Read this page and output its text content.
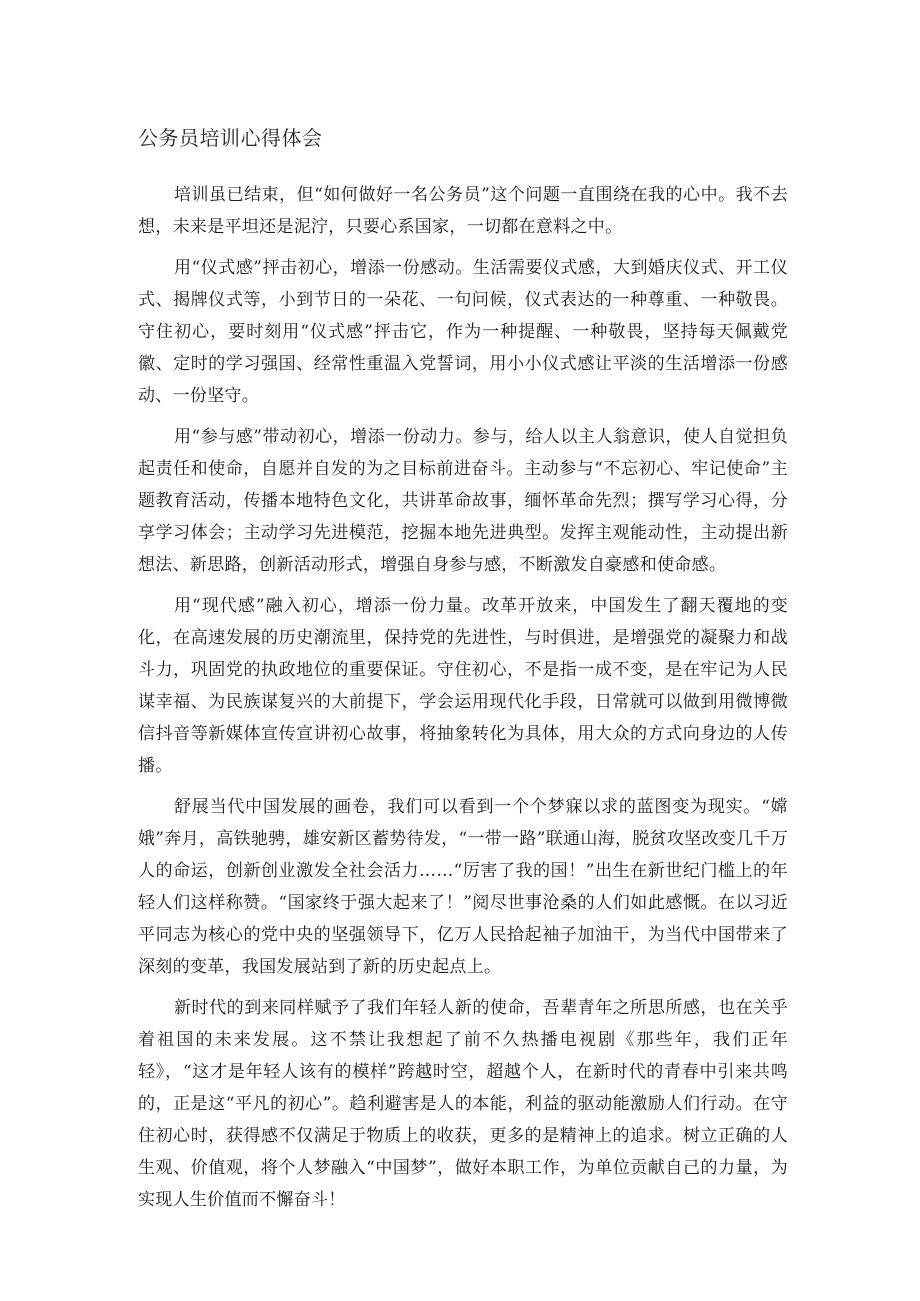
公务员培训心得体会

培训虽已结束，但“如何做好一名公务员”这个问题一直围绕在我的心中。我不去想，未来是平坦还是泥泞，只要心系国家，一切都在意料之中。

用“仪式感”抨击初心，增添一份感动。生活需要仪式感，大到婚庆仪式、开工仪式、揭牌仪式等，小到节日的一朵花、一句问候，仪式表达的一种尊重、一种敬畏。守住初心，要时刻用“仪式感”抨击它，作为一种提醒、一种敬畏，坚持每天佩戴党徽、定时的学习强国、经常性重温入党誓词，用小小仪式感让平淡的生活增添一份感动、一份坚守。

用“参与感”带动初心，增添一份动力。参与，给人以主人翁意识，使人自觉担负起责任和使命，自愿并自发的为之目标前进奋斗。主动参与“不忘初心、牢记使命”主题教育活动，传播本地特色文化，共讲革命故事，缅怀革命先烈；撰写学习心得，分享学习体会；主动学习先进模范，挖掘本地先进典型。发挥主观能动性，主动提出新想法、新思路，创新活动形式，增强自身参与感，不断激发自豪感和使命感。

用“现代感”融入初心，增添一份力量。改革开放来，中国发生了翻天覆地的变化，在高速发展的历史潮流里，保持党的先进性，与时俱进，是增强党的凝聚力和战斗力，巩固党的执政地位的重要保证。守住初心，不是指一成不变，是在牢记为人民谋幸福、为民族谋复兴的大前提下，学会运用现代化手段，日常就可以做到用微博微信抖音等新媒体宣传宣讲初心故事，将抽象转化为具体，用大众的方式向身边的人传播。

舒展当代中国发展的画卷，我们可以看到一个个梦寐以求的蓝图变为现实。“嫦娥”奔月，高铁驰骋，雄安新区蓄势待发，“一带一路”联通山海，脱贫攻坚改变几千万人的命运，创新创业激发全社会活力……“厉害了我的国！”出生在新世纪门槛上的年轻人们这样称赞。“国家终于强大起来了！”阅尽世事沧桑的人们如此感慨。在以习近平同志为核心的党中央的坚强领导下，亿万人民拾起袖子加油干，为当代中国带来了深刻的变革，我国发展站到了新的历史起点上。

新时代的到来同样赋予了我们年轻人新的使命，吾辈青年之所思所感，也在关乎着祖国的未来发展。这不禁让我想起了前不久热播电视剧《那些年，我们正年轻》，“这才是年轻人该有的模样”跨越时空，超越个人，在新时代的青春中引来共鸣的，正是这“平凡的初心”。趋利避害是人的本能，利益的驱动能激励人们行动。在守住初心时，获得感不仅满足于物质上的收获，更多的是精神上的追求。树立正确的人生观、价值观，将个人梦融入“中国梦”，做好本职工作，为单位贡献自己的力量，为实现人生价值而不懈奋斗！
